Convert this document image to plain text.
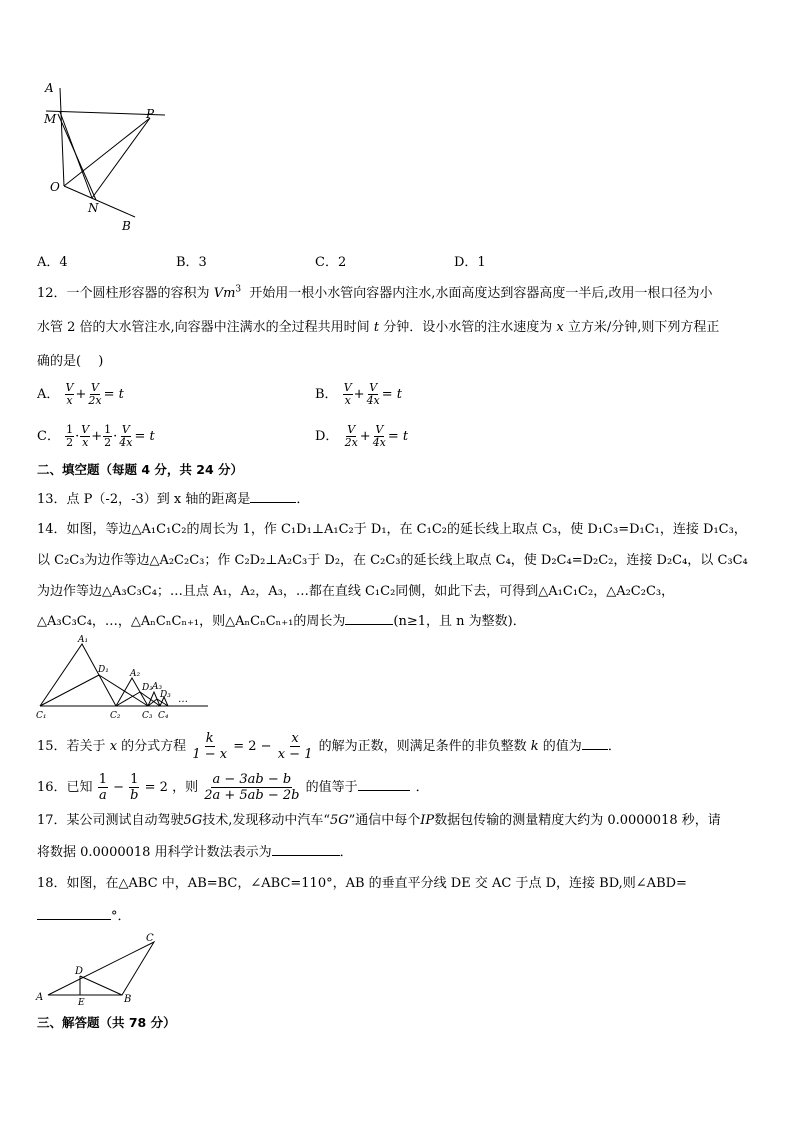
A
M	P
O
N
B
A．4	B．3	C．2	D．1
12．一个圆柱形容器的容积为 Vm$^3$ 开始用一根小水管向容器内注水,水面高度达到容器高度一半后,改用一根口径为小
水管 2 倍的大水管注水,向容器中注满水的全过程共用时间 t 分钟．设小水管的注水速度为 x 立方米/分钟,则下列方程正
确的是(　 )
A． $\frac{V}{x} + \frac{V}{2x} = t$	B． $\frac{V}{x} + \frac{V}{4x} = t$
C． $\frac{1}{2} \cdot \frac{V}{x} + \frac{1}{2} \cdot \frac{V}{4x} = t$	D． $\frac{V}{2x} + \frac{V}{4x} = t$
二、填空题（每题 4 分，共 24 分）
13．点 P（-2，-3）到 x 轴的距离是	．
14．如图，等边△A₁C₁C₂的周长为 1，作 C₁D₁⊥A₁C₂于 D₁，在 C₁C₂的延长线上取点 C₃，使 D₁C₃=D₁C₁，连接 D₁C₃，
以 C₂C₃为边作等边△A₂C₂C₃；作 C₂D₂⊥A₂C₃于 D₂，在 C₂C₃的延长线上取点 C₄，使 D₂C₄=D₂C₂，连接 D₂C₄，以 C₃C₄
为边作等边△A₃C₃C₄；…且点 A₁，A₂，A₃，…都在直线 C₁C₂同侧，如此下去，可得到△A₁C₁C₂，△A₂C₂C₃，
△A₃C₃C₄，…，△AₙCₙCₙ₊₁，则△AₙCₙCₙ₊₁的周长为	(n≥1，且 n 为整数)．
A₁
D₁ A₂
D₂ A₃
D₃
C₁	C₂ C₃ C₄
…
15．若关于 x 的分式方程 $\frac{k}{1 - x} = 2 - \frac{x}{x - 1}$ 的解为正数，则满足条件的非负整数 k 的值为 ．
16．已知 $\frac{1}{a} - \frac{1}{b} = 2$ ，则 $\frac{a - 3ab - b}{2a + 5ab - 2b}$ 的值等于	．
17．某公司测试自动驾驶5G技术,发现移动中汽车“5G”通信中每个IP数据包传输的测量精度大约为 0.0000018 秒，请
将数据 0.0000018 用科学计数法表示为	．
18．如图，在△ABC 中，AB=BC，∠ABC=110°，AB 的垂直平分线 DE 交 AC 于点 D，连接 BD,则∠ABD=
°．
A	B
C
D
E
三、解答题（共 78 分）
